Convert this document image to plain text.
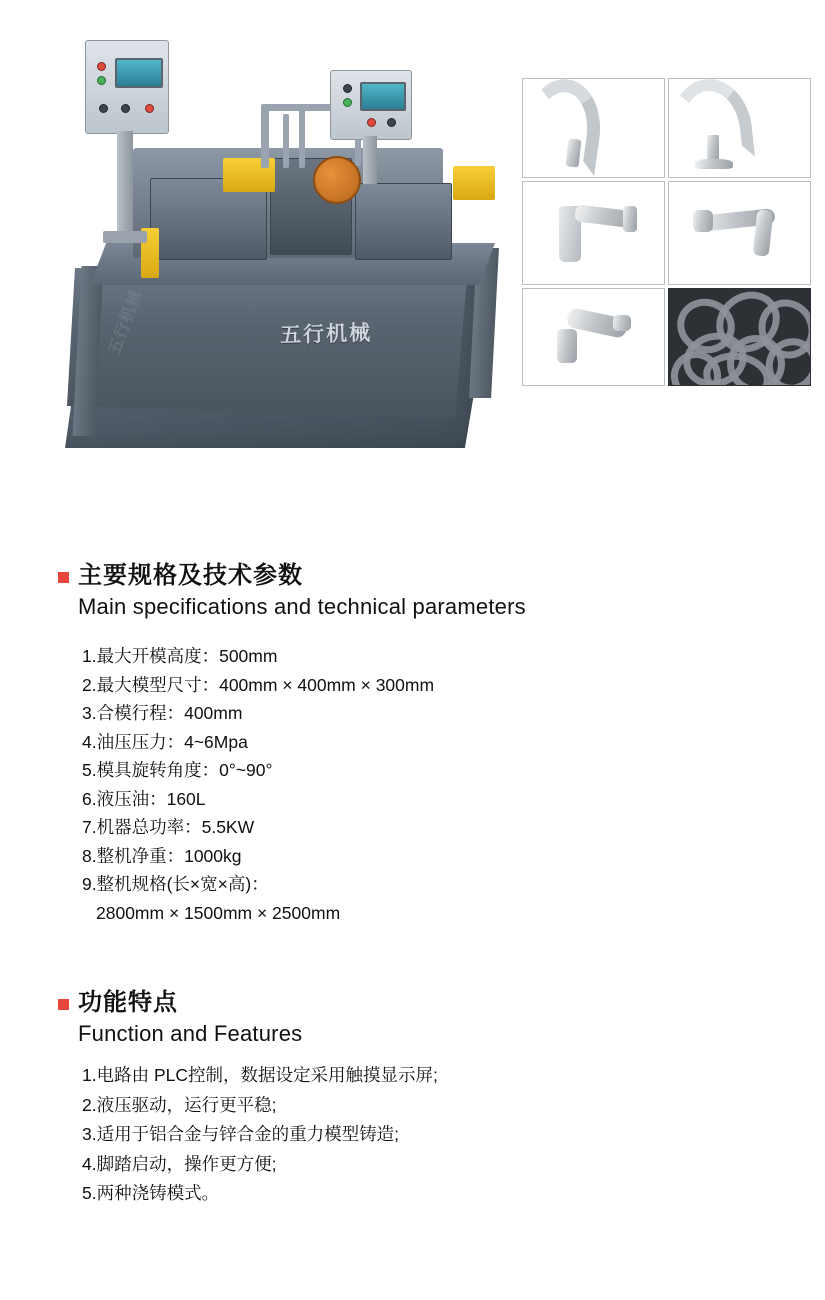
五行机械
五行机械
主要规格及技术参数
Main specifications and technical parameters
1.最大开模高度：500mm
2.最大模型尺寸：400mm × 400mm × 300mm
3.合模行程：400mm
4.油压压力：4~6Mpa
5.模具旋转角度：0°~90°
6.液压油：160L
7.机器总功率：5.5KW
8.整机净重：1000kg
9.整机规格(长×宽×高)：
2800mm × 1500mm × 2500mm
功能特点
Function and Features
1.电路由 PLC控制，数据设定采用触摸显示屏;
2.液压驱动，运行更平稳;
3.适用于铝合金与锌合金的重力模型铸造;
4.脚踏启动，操作更方便;
5.两种浇铸模式。
